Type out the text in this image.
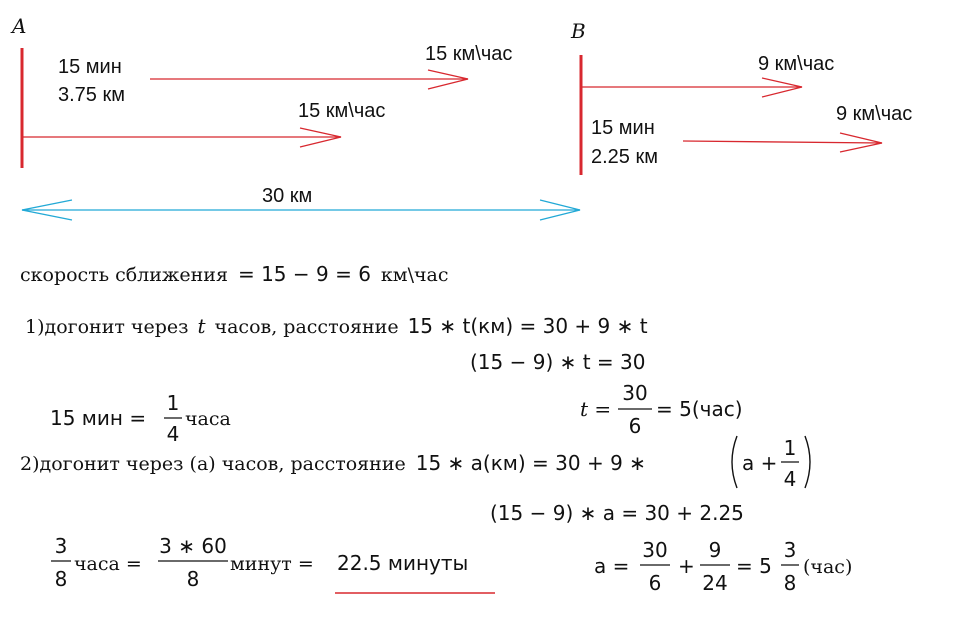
A
15 мин
3.75 км
15 км\час
15 км\час
B
9 км\час
15 мин
2.25 км
9 км\час
30 км
скорость сближения = 15 − 9 = 6 км\час
1)догонит через t часов, расстояние 15 ∗ t(км) = 30 + 9 ∗ t
(15 − 9) ∗ t = 30
t =
30
6
= 5(час)
15 мин =
1
4
часа
2)догонит через (а) часов, расстояние 15 ∗ а(км) = 30 + 9 ∗	а +
1
4
(15 − 9) ∗ а = 30 + 2.25
3
8
часа =
3 ∗ 60
8
минут = 22.5 минуты	а =
30
6
+
9
24
= 5
3
8
(час)
